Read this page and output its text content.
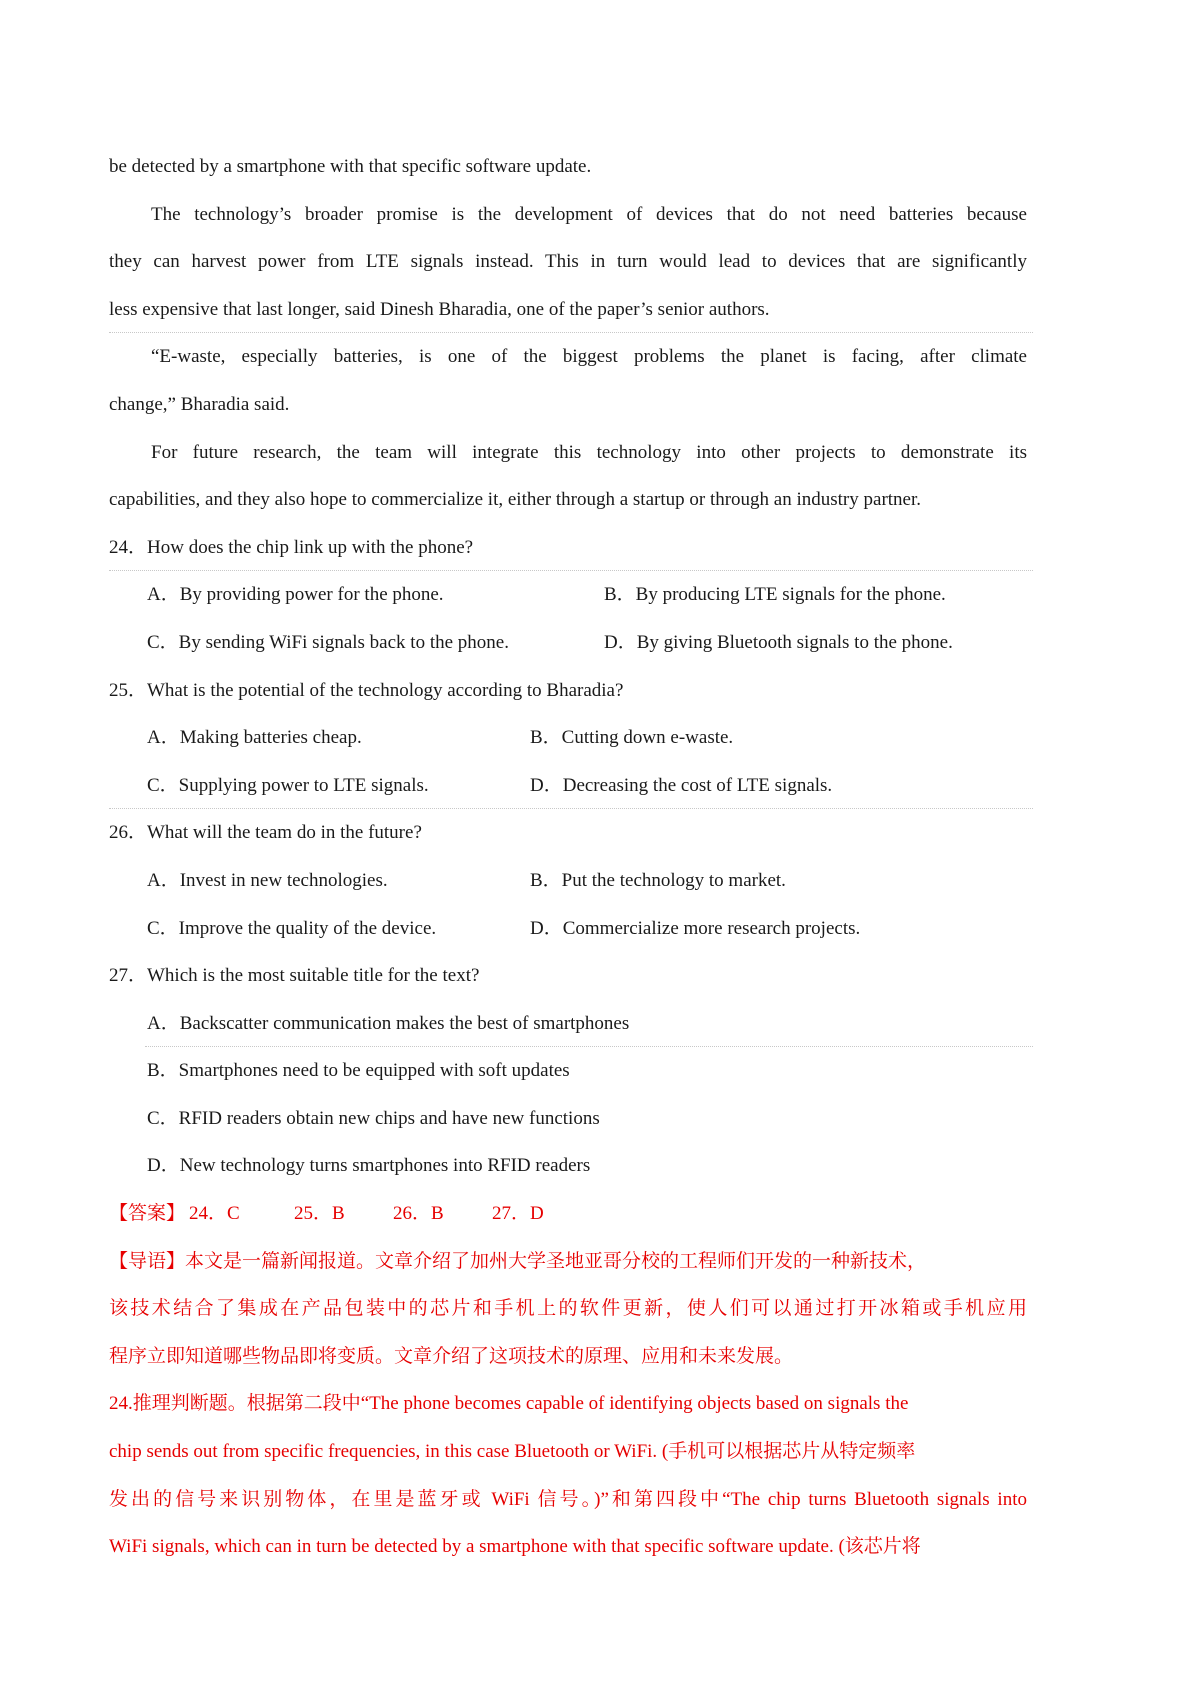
be detected by a smartphone with that specific software update.
The technology’s broader promise is the development of devices that do not need batteries because
they can harvest power from LTE signals instead. This in turn would lead to devices that are significantly
less expensive that last longer, said Dinesh Bharadia, one of the paper’s senior authors.
“E-waste, especially batteries, is one of the biggest problems the planet is facing, after climate
change,” Bharadia said.
For future research, the team will integrate this technology into other projects to demonstrate its
capabilities, and they also hope to commercialize it, either through a startup or through an industry partner.
24．How does the chip link up with the phone?
A．By providing power for the phone.	B．By producing LTE signals for the phone.
C．By sending WiFi signals back to the phone.	D．By giving Bluetooth signals to the phone.
25．What is the potential of the technology according to Bharadia?
A．Making batteries cheap.	B．Cutting down e-waste.
C．Supplying power to LTE signals.	D．Decreasing the cost of LTE signals.
26．What will the team do in the future?
A．Invest in new technologies.	B．Put the technology to market.
C．Improve the quality of the device.	D．Commercialize more research projects.
27．Which is the most suitable title for the text?
A．Backscatter communication makes the best of smartphones
B．Smartphones need to be equipped with soft updates
C．RFID readers obtain new chips and have new functions
D．New technology turns smartphones into RFID readers
【答案】 24．C	25．B	26．B	27．D
【导语】本文是一篇新闻报道。文章介绍了加州大学圣地亚哥分校的工程师们开发的一种新技术，
该技术结合了集成在产品包装中的芯片和手机上的软件更新，使人们可以通过打开冰箱或手机应用
程序立即知道哪些物品即将变质。文章介绍了这项技术的原理、应用和未来发展。
24.推理判断题。根据第二段中“The phone becomes capable of identifying objects based on signals the
chip sends out from specific frequencies, in this case Bluetooth or WiFi. (手机可以根据芯片从特定频率
发出的信号来识别物体，在里是蓝牙或 WiFi 信号。)”和第四段中“The chip turns Bluetooth signals into
WiFi signals, which can in turn be detected by a smartphone with that specific software update. (该芯片将
